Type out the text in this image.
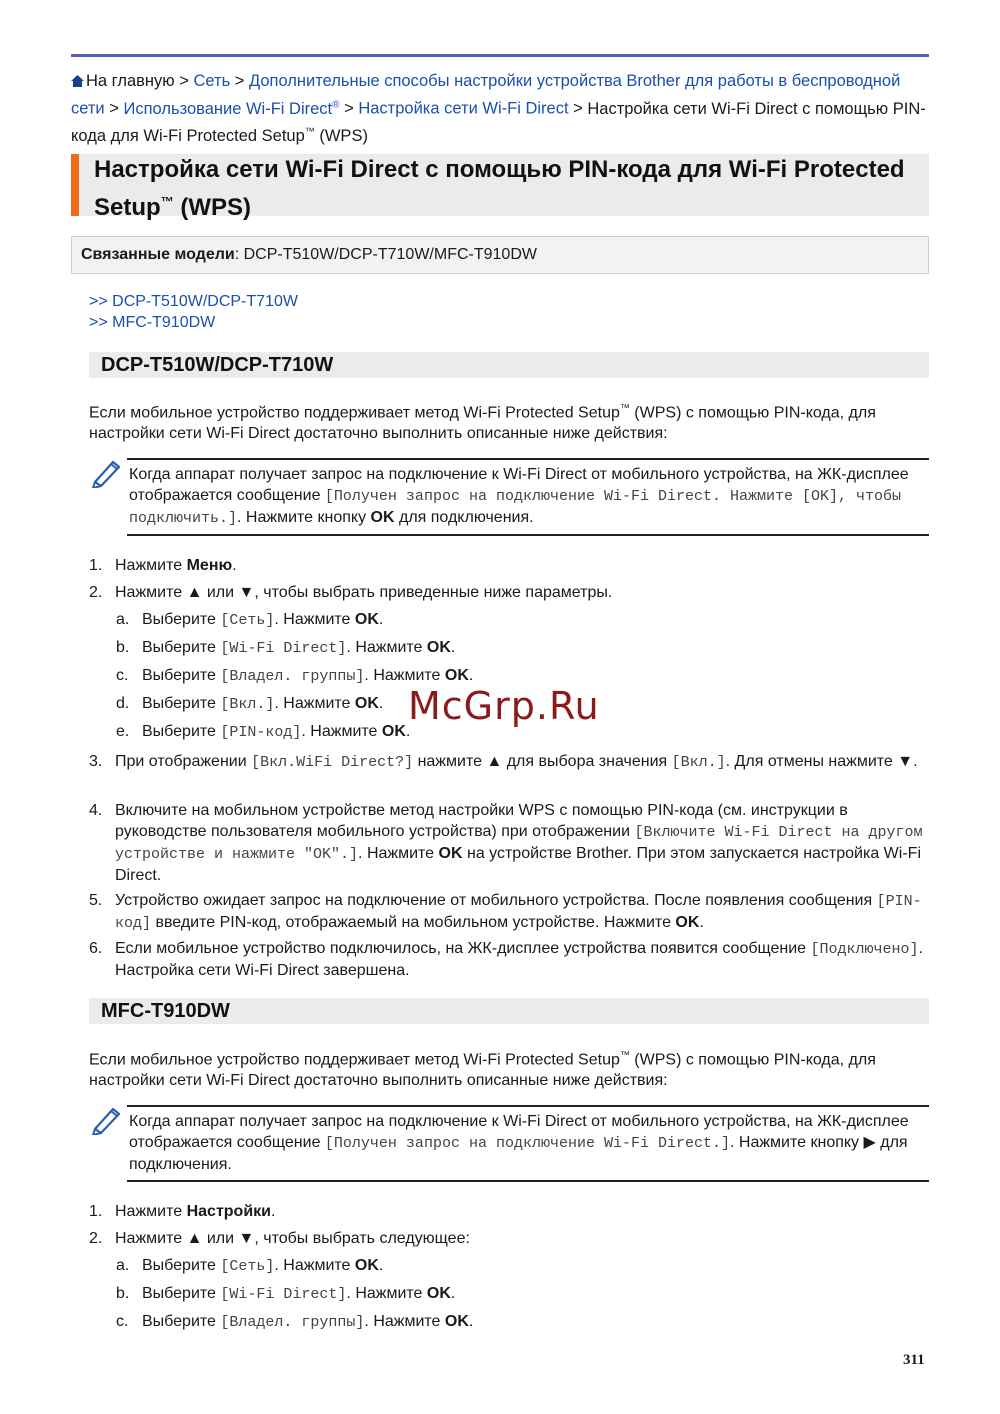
На главную > Сеть > Дополнительные способы настройки устройства Brother для работы в беспроводной сети > Использование Wi-Fi Direct® > Настройка сети Wi-Fi Direct > Настройка сети Wi-Fi Direct с помощью PIN-кода для Wi-Fi Protected Setup™ (WPS)
Настройка сети Wi-Fi Direct с помощью PIN-кода для Wi-Fi Protected Setup™ (WPS)
Связанные модели: DCP-T510W/DCP-T710W/MFC-T910DW
>> DCP-T510W/DCP-T710W
>> MFC-T910DW
DCP-T510W/DCP-T710W
Если мобильное устройство поддерживает метод Wi-Fi Protected Setup™ (WPS) с помощью PIN-кода, для настройки сети Wi-Fi Direct достаточно выполнить описанные ниже действия:
Когда аппарат получает запрос на подключение к Wi-Fi Direct от мобильного устройства, на ЖК-дисплее отображается сообщение [Получен запрос на подключение Wi-Fi Direct. Нажмите [OK], чтобы подключить.]. Нажмите кнопку OK для подключения.
1. Нажмите Меню.
2. Нажмите ▲ или ▼, чтобы выбрать приведенные ниже параметры.
a. Выберите [Сеть]. Нажмите OK.
b. Выберите [Wi-Fi Direct]. Нажмите OK.
c. Выберите [Владел. группы]. Нажмите OK.
d. Выберите [Вкл.]. Нажмите OK.
e. Выберите [PIN-код]. Нажмите OK.
3. При отображении [Вкл.WiFi Direct?] нажмите ▲ для выбора значения [Вкл.]. Для отмены нажмите ▼.
4. Включите на мобильном устройстве метод настройки WPS с помощью PIN-кода (см. инструкции в руководстве пользователя мобильного устройства) при отображении [Включите Wi-Fi Direct на другом устройстве и нажмите "OK".]. Нажмите OK на устройстве Brother. При этом запускается настройка Wi-Fi Direct.
5. Устройство ожидает запрос на подключение от мобильного устройства. После появления сообщения [PIN-код] введите PIN-код, отображаемый на мобильном устройстве. Нажмите OK.
6. Если мобильное устройство подключилось, на ЖК-дисплее устройства появится сообщение [Подключено]. Настройка сети Wi-Fi Direct завершена.
MFC-T910DW
Если мобильное устройство поддерживает метод Wi-Fi Protected Setup™ (WPS) с помощью PIN-кода, для настройки сети Wi-Fi Direct достаточно выполнить описанные ниже действия:
Когда аппарат получает запрос на подключение к Wi-Fi Direct от мобильного устройства, на ЖК-дисплее отображается сообщение [Получен запрос на подключение Wi-Fi Direct.]. Нажмите кнопку ▶ для подключения.
1. Нажмите Настройки.
2. Нажмите ▲ или ▼, чтобы выбрать следующее:
a. Выберите [Сеть]. Нажмите OK.
b. Выберите [Wi-Fi Direct]. Нажмите OK.
c. Выберите [Владел. группы]. Нажмите OK.
McGrp.Ru
311
